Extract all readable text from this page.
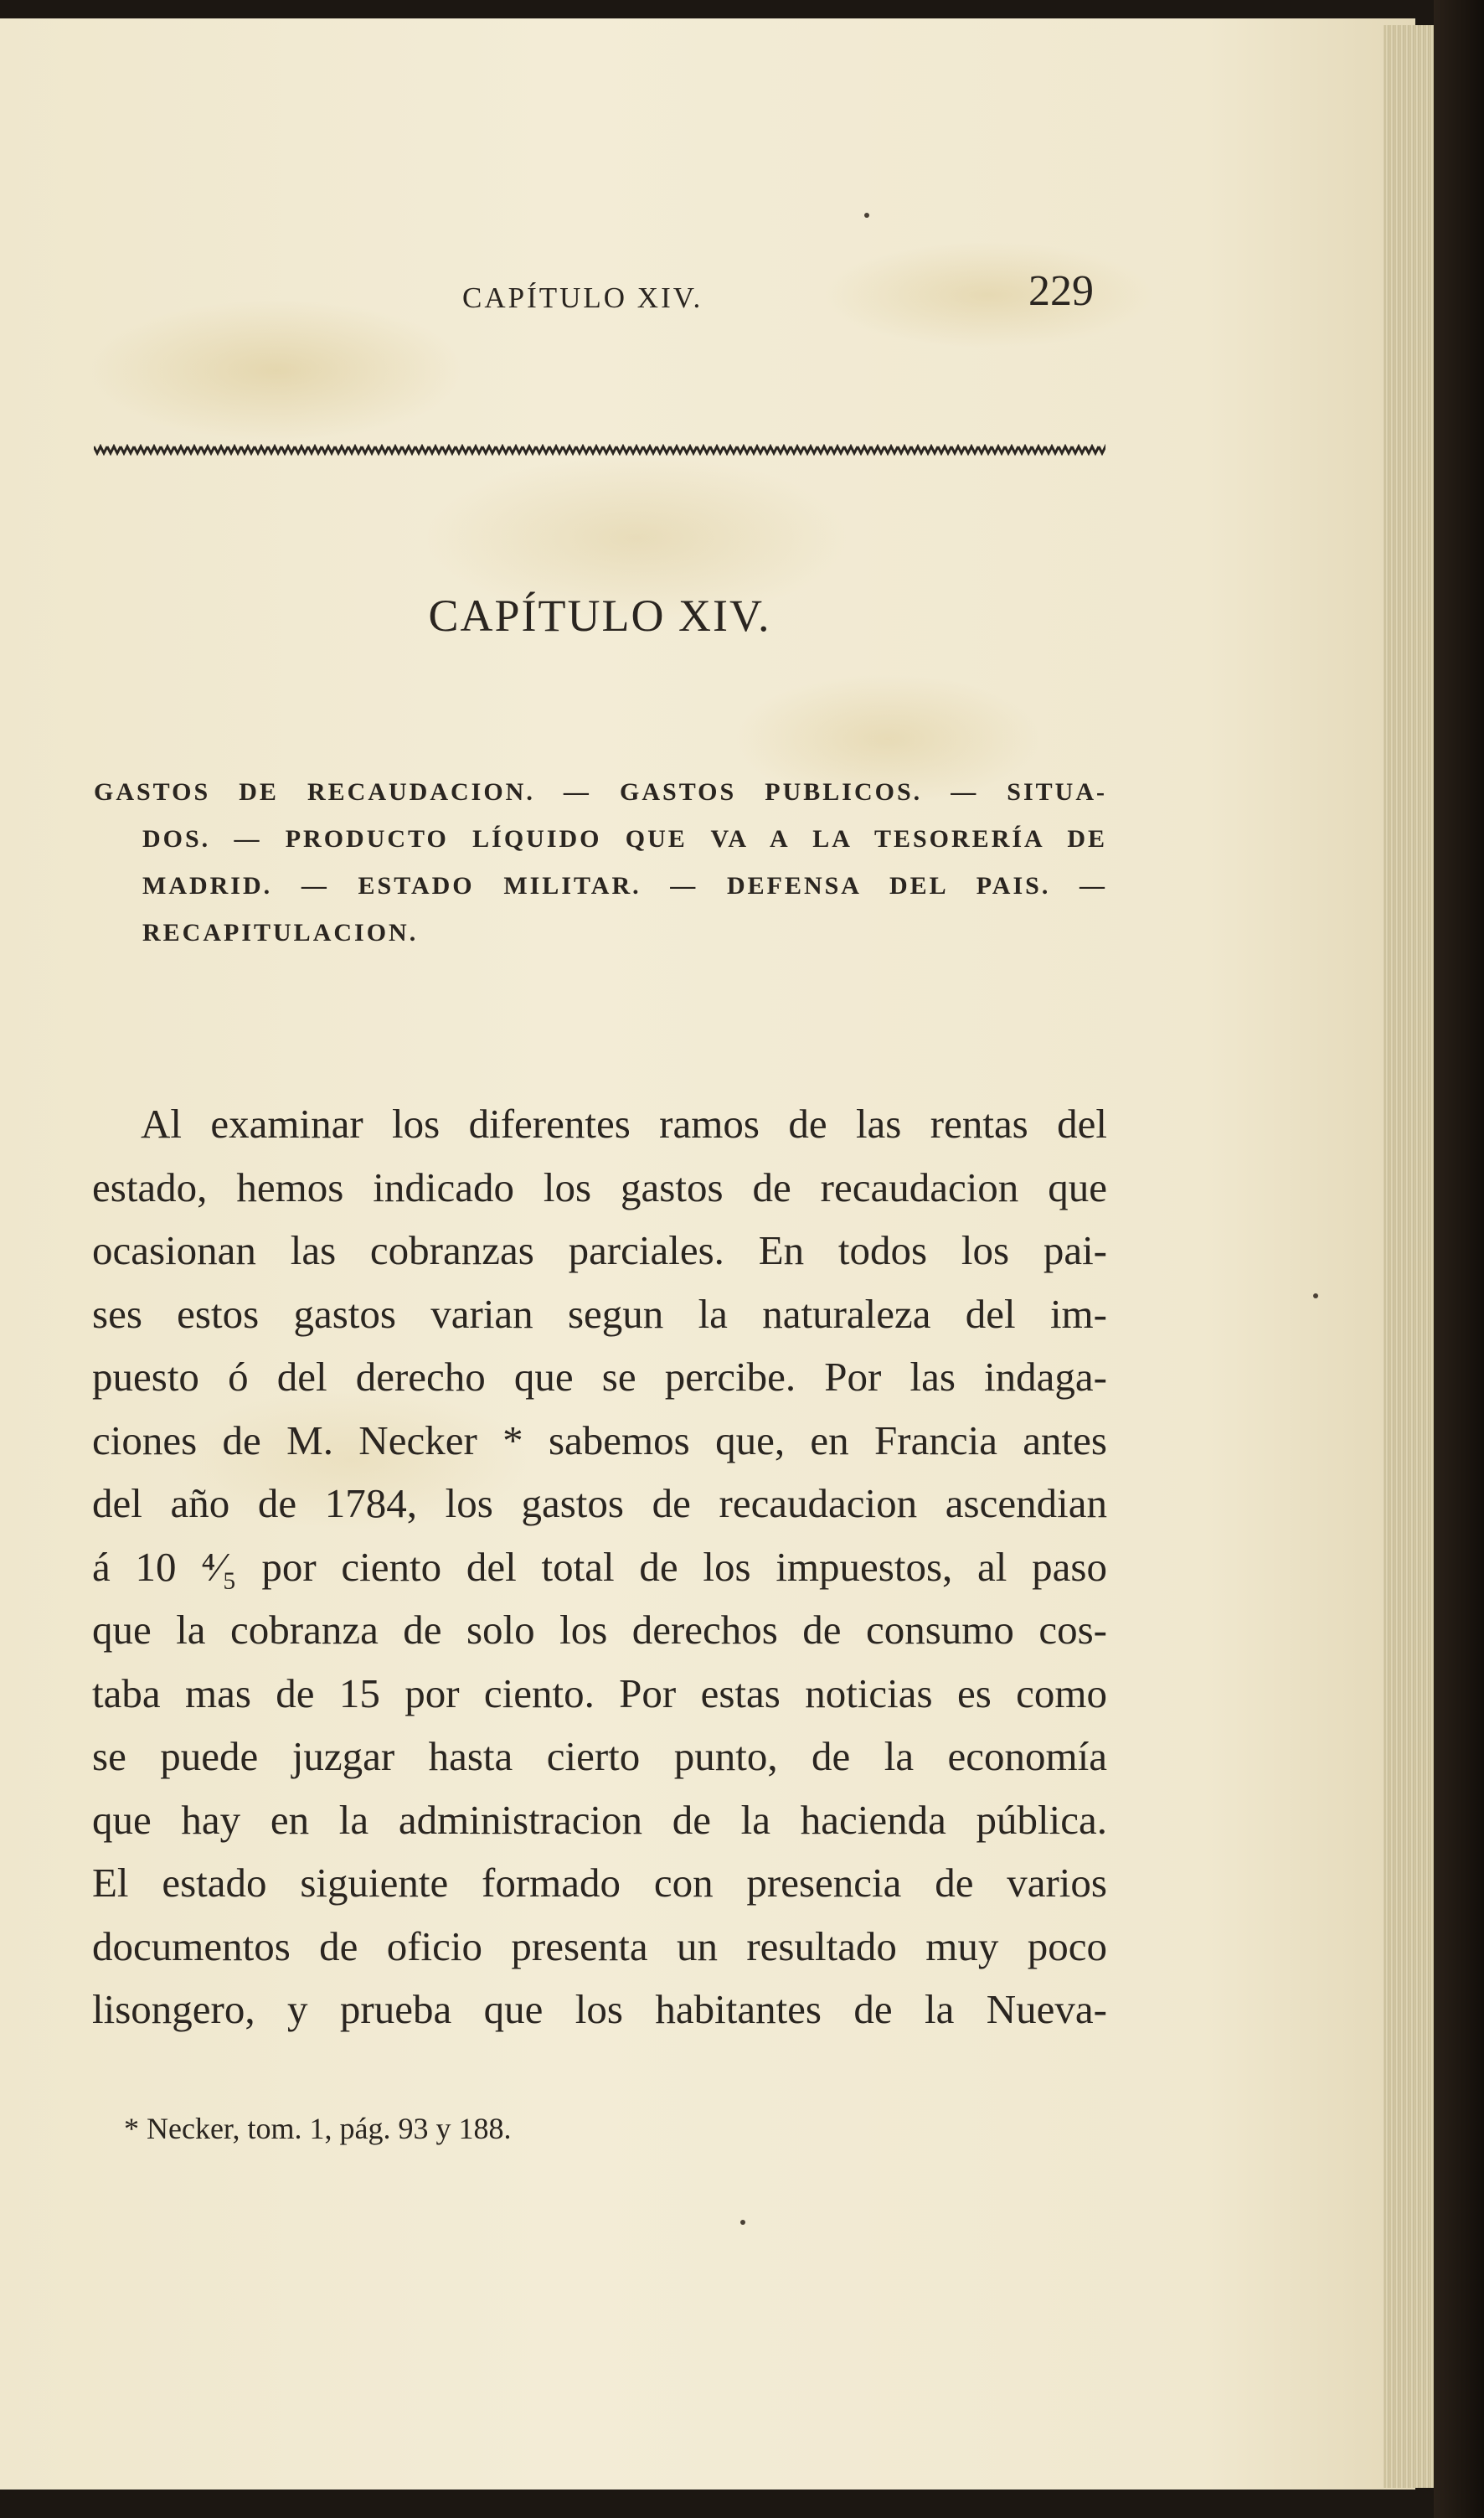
CAPÍTULO XIV.	229
CAPÍTULO XIV.
GASTOS DE RECAUDACION. — GASTOS PUBLICOS. — SITUA-
DOS. — PRODUCTO LÍQUIDO QUE VA A LA TESORERÍA DE
MADRID. — ESTADO MILITAR. — DEFENSA DEL PAIS. —
RECAPITULACION.
Al examinar los diferentes ramos de las rentas del
estado, hemos indicado los gastos de recaudacion que
ocasionan las cobranzas parciales. En todos los pai-
ses estos gastos varian segun la naturaleza del im-
puesto ó del derecho que se percibe. Por las indaga-
ciones de M. Necker * sabemos que, en Francia antes
del año de 1784, los gastos de recaudacion ascendian
á 10 ⁴⁄₅ por ciento del total de los impuestos, al paso
que la cobranza de solo los derechos de consumo cos-
taba mas de 15 por ciento. Por estas noticias es como
se puede juzgar hasta cierto punto, de la economía
que hay en la administracion de la hacienda pública.
El estado siguiente formado con presencia de varios
documentos de oficio presenta un resultado muy poco
lisongero, y prueba que los habitantes de la Nueva-
* Necker, tom. 1, pág. 93 y 188.
